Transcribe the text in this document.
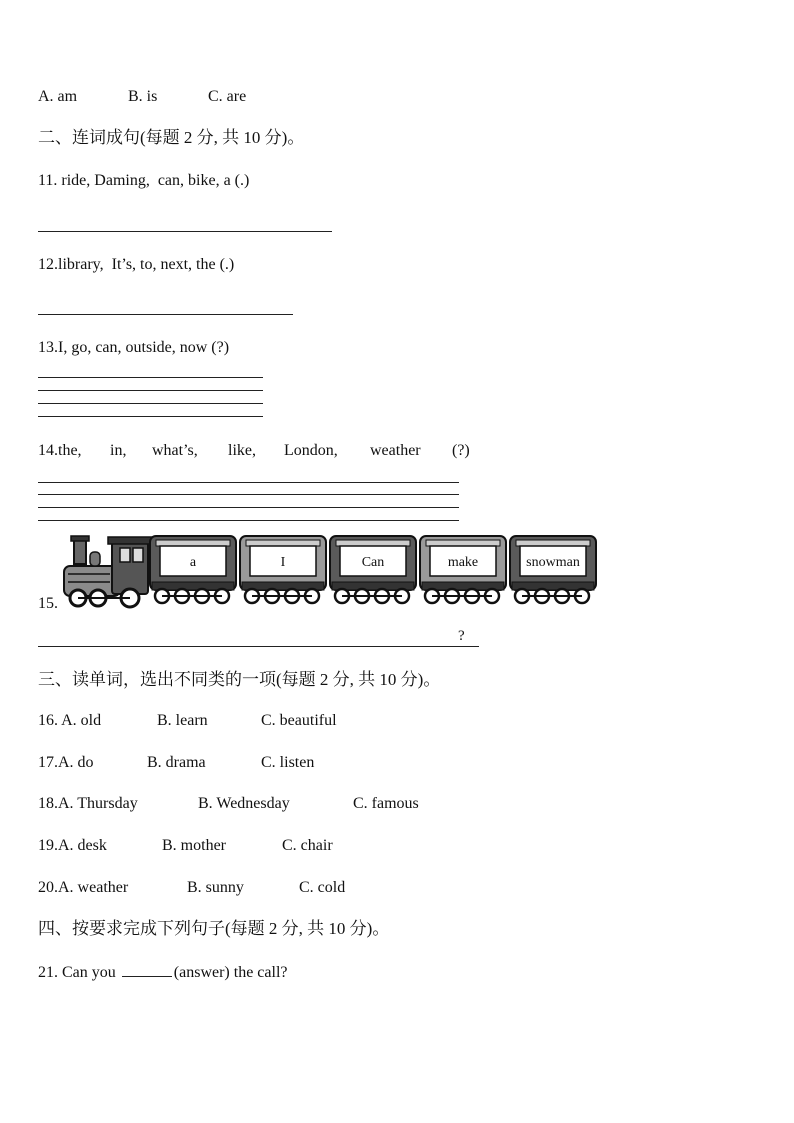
A. am	B. is	C. are
二、连词成句(每题 2 分, 共 10 分)。
11. ride, Daming,  can, bike, a (.)
12.library,  It’s, to, next, the (.)
13.I, go, can, outside, now (?)
14.the, in, what’s, like, London, weather (?)
15.
a	I	Can	make	snowman
?
三、读单词，选出不同类的一项(每题 2 分, 共 10 分)。
16. A. old	B. learn	C. beautiful
17.A. do	B. drama	C. listen
18.A. Thursday	B. Wednesday	C. famous
19.A. desk	B. mother	C. chair
20.A. weather	B. sunny	C. cold
四、按要求完成下列句子(每题 2 分, 共 10 分)。
21. Can you	(answer) the call?
